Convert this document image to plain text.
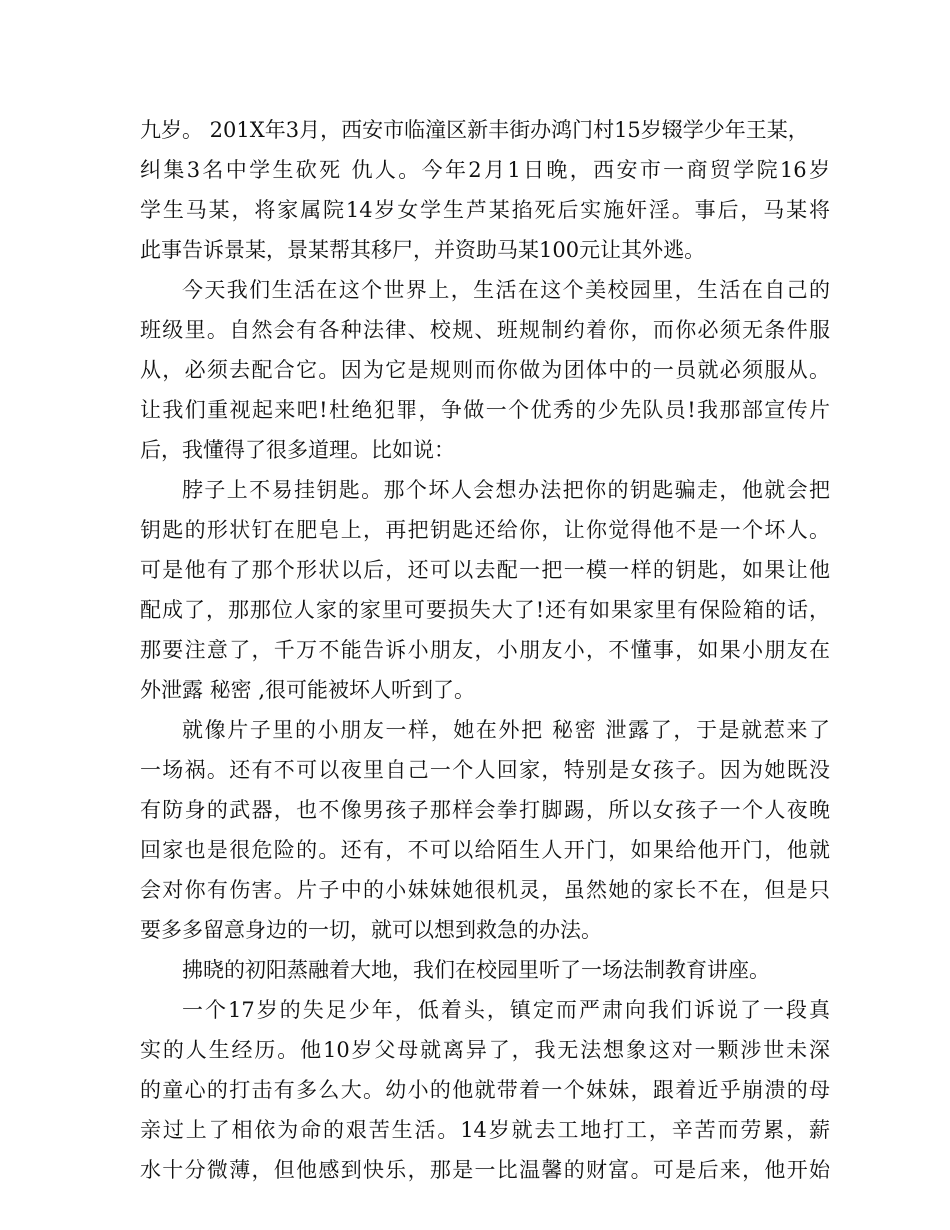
九岁。 201X年3月，西安市临潼区新丰街办鸿门村15岁辍学少年王某，
纠集3名中学生砍死 仇人。今年2月1日晚，西安市一商贸学院16岁
学生马某，将家属院14岁女学生芦某掐死后实施奸淫。事后，马某将
此事告诉景某，景某帮其移尸，并资助马某100元让其外逃。
今天我们生活在这个世界上，生活在这个美校园里，生活在自己的
班级里。自然会有各种法律、校规、班规制约着你，而你必须无条件服
从，必须去配合它。因为它是规则而你做为团体中的一员就必须服从。
让我们重视起来吧!杜绝犯罪，争做一个优秀的少先队员!我那部宣传片
后，我懂得了很多道理。比如说：
脖子上不易挂钥匙。那个坏人会想办法把你的钥匙骗走，他就会把
钥匙的形状钉在肥皂上，再把钥匙还给你，让你觉得他不是一个坏人。
可是他有了那个形状以后，还可以去配一把一模一样的钥匙，如果让他
配成了，那那位人家的家里可要损失大了!还有如果家里有保险箱的话，
那要注意了，千万不能告诉小朋友，小朋友小，不懂事，如果小朋友在
外泄露 秘密 ,很可能被坏人听到了。
就像片子里的小朋友一样，她在外把 秘密 泄露了，于是就惹来了
一场祸。还有不可以夜里自己一个人回家，特别是女孩子。因为她既没
有防身的武器，也不像男孩子那样会拳打脚踢，所以女孩子一个人夜晚
回家也是很危险的。还有，不可以给陌生人开门，如果给他开门，他就
会对你有伤害。片子中的小妹妹她很机灵，虽然她的家长不在，但是只
要多多留意身边的一切，就可以想到救急的办法。
拂晓的初阳蒸融着大地，我们在校园里听了一场法制教育讲座。
一个17岁的失足少年，低着头，镇定而严肃向我们诉说了一段真
实的人生经历。他10岁父母就离异了，我无法想象这对一颗涉世未深
的童心的打击有多么大。幼小的他就带着一个妹妹，跟着近乎崩溃的母
亲过上了相依为命的艰苦生活。14岁就去工地打工，辛苦而劳累，薪
水十分微薄，但他感到快乐，那是一比温馨的财富。可是后来，他开始
